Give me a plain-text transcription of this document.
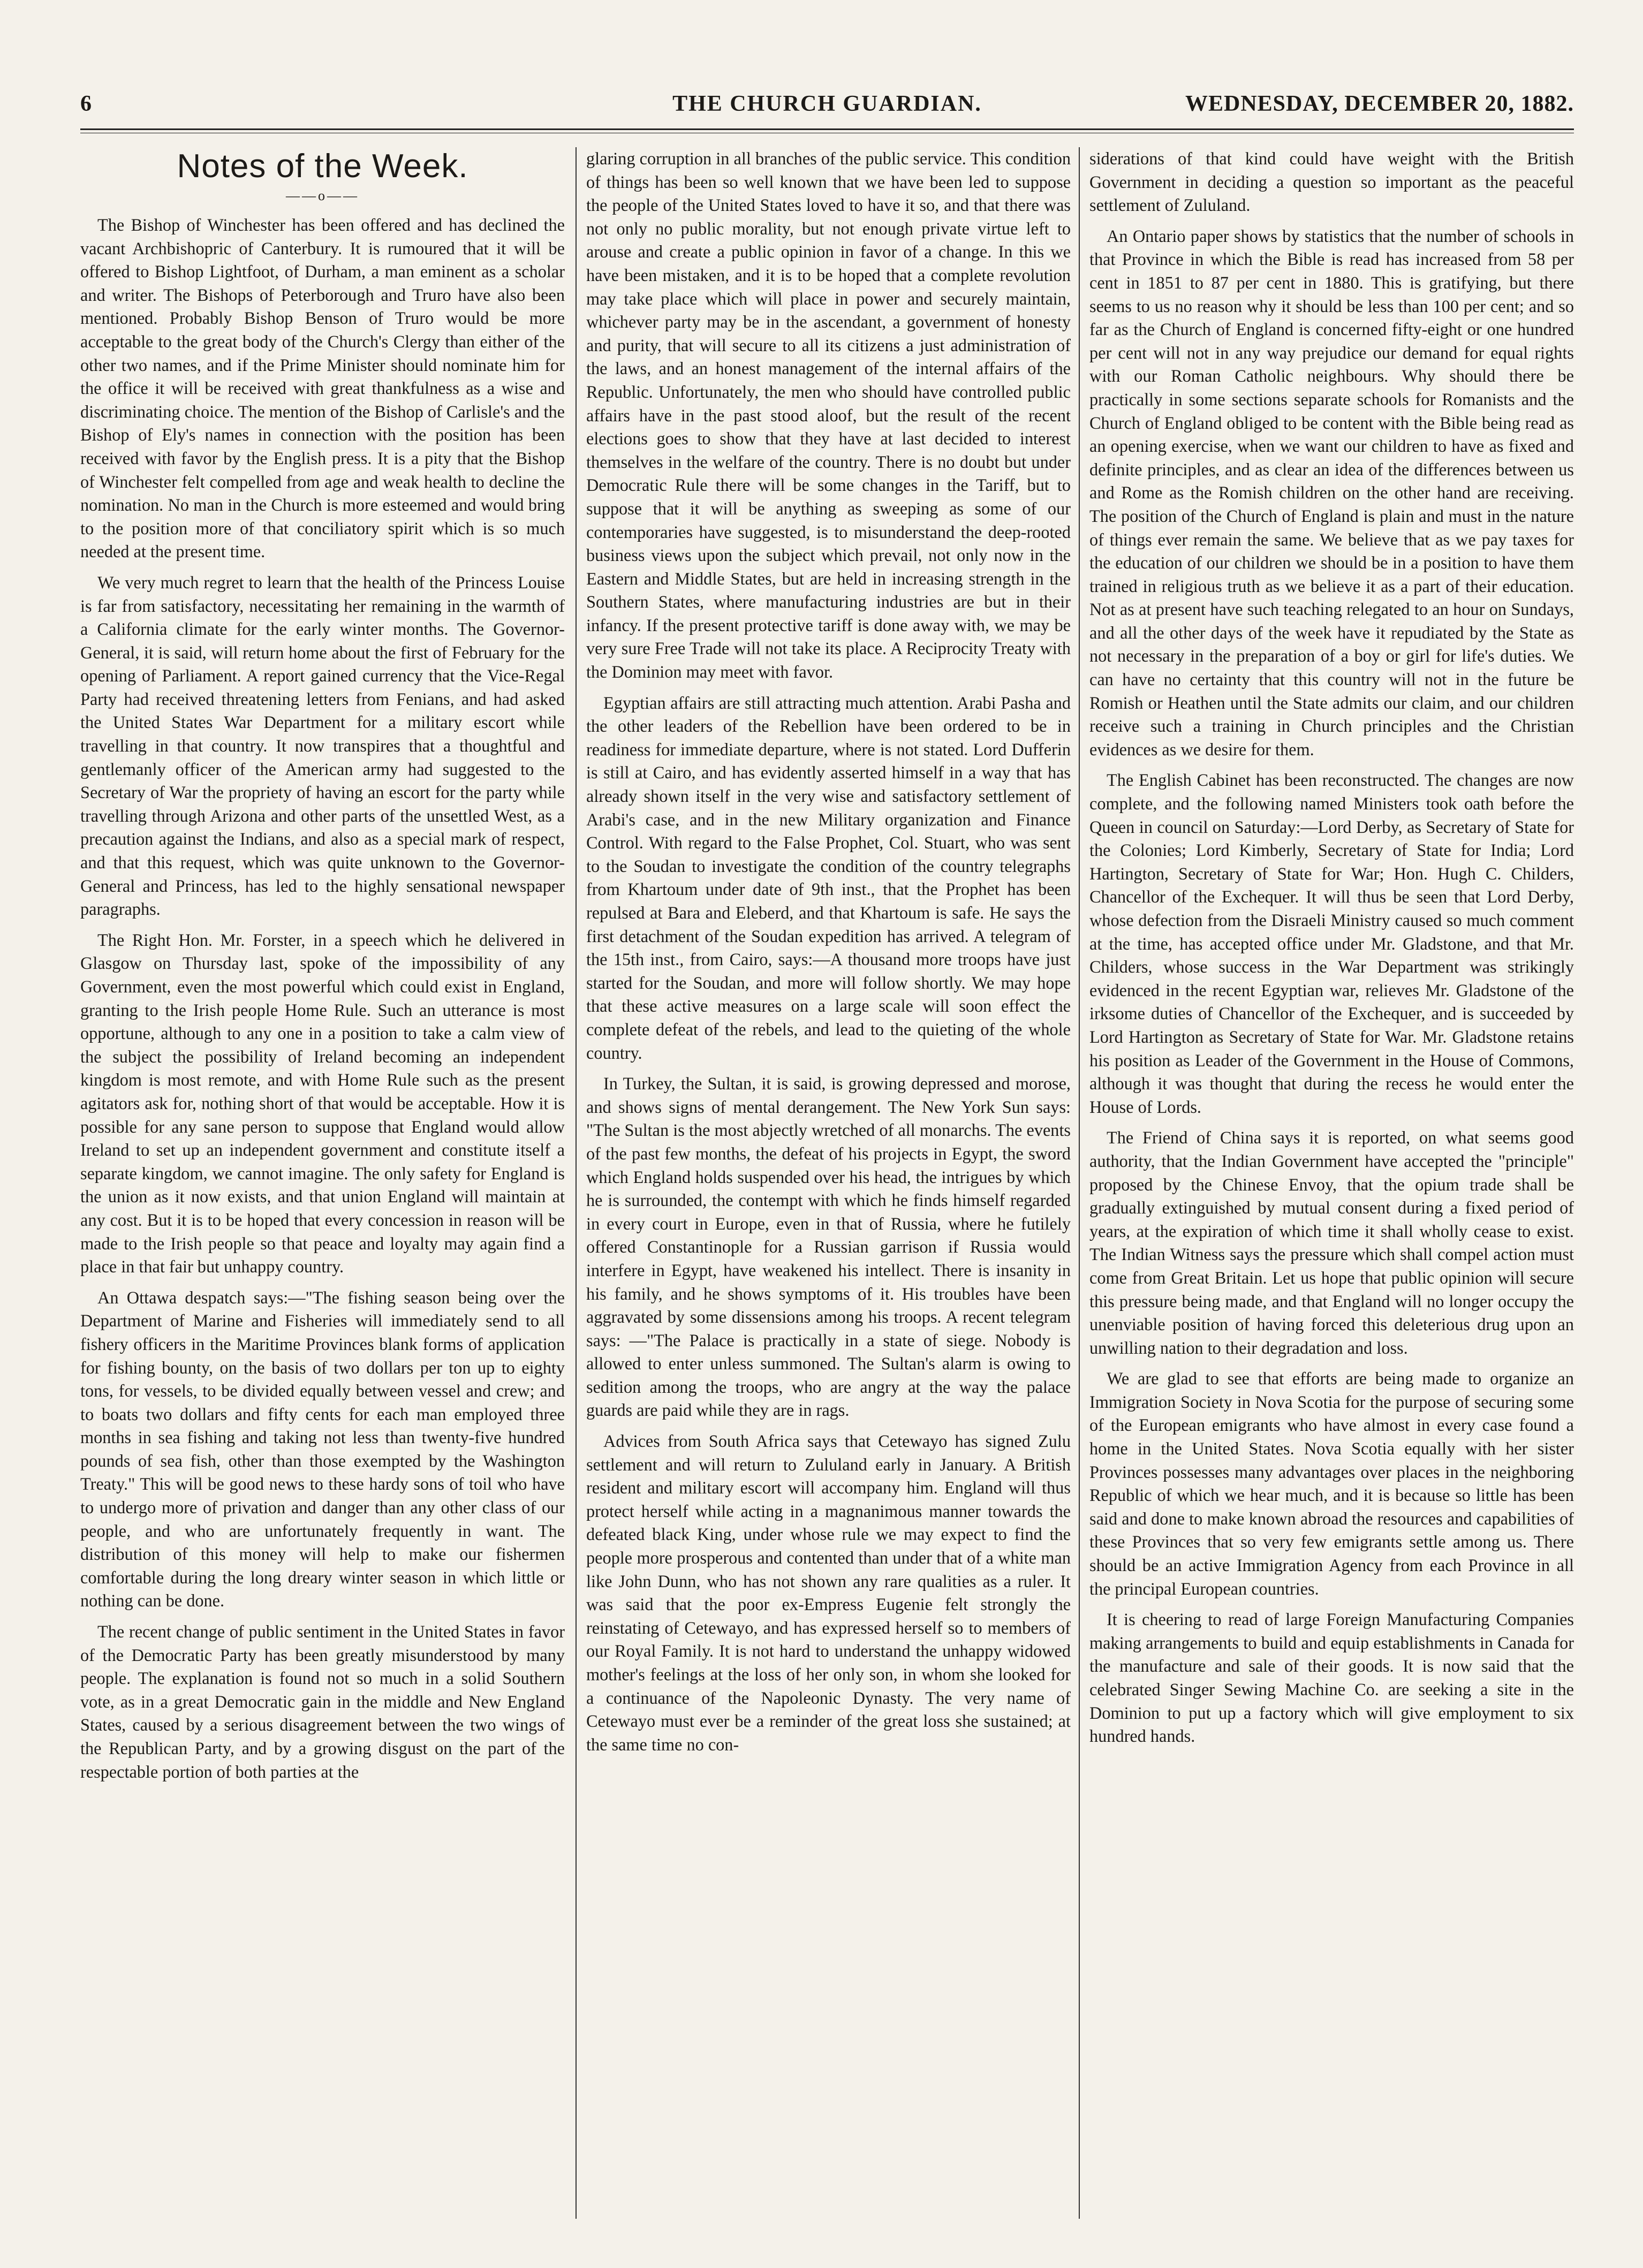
6	THE CHURCH GUARDIAN.	WEDNESDAY, DECEMBER 20, 1882.
Notes of the Week.
——o——

The Bishop of Winchester has been offered and has declined the vacant Archbishopric of Canterbury. It is rumoured that it will be offered to Bishop Lightfoot, of Durham, a man eminent as a scholar and writer. The Bishops of Peterborough and Truro have also been mentioned. Probably Bishop Benson of Truro would be more acceptable to the great body of the Church's Clergy than either of the other two names, and if the Prime Minister should nominate him for the office it will be received with great thankfulness as a wise and discriminating choice. The mention of the Bishop of Carlisle's and the Bishop of Ely's names in connection with the position has been received with favor by the English press. It is a pity that the Bishop of Winchester felt compelled from age and weak health to decline the nomination. No man in the Church is more esteemed and would bring to the position more of that conciliatory spirit which is so much needed at the present time.

We very much regret to learn that the health of the Princess Louise is far from satisfactory, necessitating her remaining in the warmth of a California climate for the early winter months. The Governor-General, it is said, will return home about the first of February for the opening of Parliament. A report gained currency that the Vice-Regal Party had received threatening letters from Fenians, and had asked the United States War Department for a military escort while travelling in that country. It now transpires that a thoughtful and gentlemanly officer of the American army had suggested to the Secretary of War the propriety of having an escort for the party while travelling through Arizona and other parts of the unsettled West, as a precaution against the Indians, and also as a special mark of respect, and that this request, which was quite unknown to the Governor-General and Princess, has led to the highly sensational newspaper paragraphs.

The Right Hon. Mr. Forster, in a speech which he delivered in Glasgow on Thursday last, spoke of the impossibility of any Government, even the most powerful which could exist in England, granting to the Irish people Home Rule. Such an utterance is most opportune, although to any one in a position to take a calm view of the subject the possibility of Ireland becoming an independent kingdom is most remote, and with Home Rule such as the present agitators ask for, nothing short of that would be acceptable. How it is possible for any sane person to suppose that England would allow Ireland to set up an independent government and constitute itself a separate kingdom, we cannot imagine. The only safety for England is the union as it now exists, and that union England will maintain at any cost. But it is to be hoped that every concession in reason will be made to the Irish people so that peace and loyalty may again find a place in that fair but unhappy country.

An Ottawa despatch says:—"The fishing season being over the Department of Marine and Fisheries will immediately send to all fishery officers in the Maritime Provinces blank forms of application for fishing bounty, on the basis of two dollars per ton up to eighty tons, for vessels, to be divided equally between vessel and crew; and to boats two dollars and fifty cents for each man employed three months in sea fishing and taking not less than twenty-five hundred pounds of sea fish, other than those exempted by the Washington Treaty." This will be good news to these hardy sons of toil who have to undergo more of privation and danger than any other class of our people, and who are unfortunately frequently in want. The distribution of this money will help to make our fishermen comfortable during the long dreary winter season in which little or nothing can be done.

The recent change of public sentiment in the United States in favor of the Democratic Party has been greatly misunderstood by many people. The explanation is found not so much in a solid Southern vote, as in a great Democratic gain in the middle and New England States, caused by a serious disagreement between the two wings of the Republican Party, and by a growing disgust on the part of the respectable portion of both parties at the

glaring corruption in all branches of the public service. This condition of things has been so well known that we have been led to suppose the people of the United States loved to have it so, and that there was not only no public morality, but not enough private virtue left to arouse and create a public opinion in favor of a change. In this we have been mistaken, and it is to be hoped that a complete revolution may take place which will place in power and securely maintain, whichever party may be in the ascendant, a government of honesty and purity, that will secure to all its citizens a just administration of the laws, and an honest management of the internal affairs of the Republic. Unfortunately, the men who should have controlled public affairs have in the past stood aloof, but the result of the recent elections goes to show that they have at last decided to interest themselves in the welfare of the country. There is no doubt but under Democratic Rule there will be some changes in the Tariff, but to suppose that it will be anything as sweeping as some of our contemporaries have suggested, is to misunderstand the deep-rooted business views upon the subject which prevail, not only now in the Eastern and Middle States, but are held in increasing strength in the Southern States, where manufacturing industries are but in their infancy. If the present protective tariff is done away with, we may be very sure Free Trade will not take its place. A Reciprocity Treaty with the Dominion may meet with favor.

Egyptian affairs are still attracting much attention. Arabi Pasha and the other leaders of the Rebellion have been ordered to be in readiness for immediate departure, where is not stated. Lord Dufferin is still at Cairo, and has evidently asserted himself in a way that has already shown itself in the very wise and satisfactory settlement of Arabi's case, and in the new Military organization and Finance Control. With regard to the False Prophet, Col. Stuart, who was sent to the Soudan to investigate the condition of the country telegraphs from Khartoum under date of 9th inst., that the Prophet has been repulsed at Bara and Eleberd, and that Khartoum is safe. He says the first detachment of the Soudan expedition has arrived. A telegram of the 15th inst., from Cairo, says:—A thousand more troops have just started for the Soudan, and more will follow shortly. We may hope that these active measures on a large scale will soon effect the complete defeat of the rebels, and lead to the quieting of the whole country.

In Turkey, the Sultan, it is said, is growing depressed and morose, and shows signs of mental derangement. The New York Sun says: "The Sultan is the most abjectly wretched of all monarchs. The events of the past few months, the defeat of his projects in Egypt, the sword which England holds suspended over his head, the intrigues by which he is surrounded, the contempt with which he finds himself regarded in every court in Europe, even in that of Russia, where he futilely offered Constantinople for a Russian garrison if Russia would interfere in Egypt, have weakened his intellect. There is insanity in his family, and he shows symptoms of it. His troubles have been aggravated by some dissensions among his troops. A recent telegram says: —"The Palace is practically in a state of siege. Nobody is allowed to enter unless summoned. The Sultan's alarm is owing to sedition among the troops, who are angry at the way the palace guards are paid while they are in rags.

Advices from South Africa says that Cetewayo has signed Zulu settlement and will return to Zululand early in January. A British resident and military escort will accompany him. England will thus protect herself while acting in a magnanimous manner towards the defeated black King, under whose rule we may expect to find the people more prosperous and contented than under that of a white man like John Dunn, who has not shown any rare qualities as a ruler. It was said that the poor ex-Empress Eugenie felt strongly the reinstating of Cetewayo, and has expressed herself so to members of our Royal Family. It is not hard to understand the unhappy widowed mother's feelings at the loss of her only son, in whom she looked for a continuance of the Napoleonic Dynasty. The very name of Cetewayo must ever be a reminder of the great loss she sustained; at the same time no con-

siderations of that kind could have weight with the British Government in deciding a question so important as the peaceful settlement of Zululand.

An Ontario paper shows by statistics that the number of schools in that Province in which the Bible is read has increased from 58 per cent in 1851 to 87 per cent in 1880. This is gratifying, but there seems to us no reason why it should be less than 100 per cent; and so far as the Church of England is concerned fifty-eight or one hundred per cent will not in any way prejudice our demand for equal rights with our Roman Catholic neighbours. Why should there be practically in some sections separate schools for Romanists and the Church of England obliged to be content with the Bible being read as an opening exercise, when we want our children to have as fixed and definite principles, and as clear an idea of the differences between us and Rome as the Romish children on the other hand are receiving. The position of the Church of England is plain and must in the nature of things ever remain the same. We believe that as we pay taxes for the education of our children we should be in a position to have them trained in religious truth as we believe it as a part of their education. Not as at present have such teaching relegated to an hour on Sundays, and all the other days of the week have it repudiated by the State as not necessary in the preparation of a boy or girl for life's duties. We can have no certainty that this country will not in the future be Romish or Heathen until the State admits our claim, and our children receive such a training in Church principles and the Christian evidences as we desire for them.

The English Cabinet has been reconstructed. The changes are now complete, and the following named Ministers took oath before the Queen in council on Saturday:—Lord Derby, as Secretary of State for the Colonies; Lord Kimberly, Secretary of State for India; Lord Hartington, Secretary of State for War; Hon. Hugh C. Childers, Chancellor of the Exchequer. It will thus be seen that Lord Derby, whose defection from the Disraeli Ministry caused so much comment at the time, has accepted office under Mr. Gladstone, and that Mr. Childers, whose success in the War Department was strikingly evidenced in the recent Egyptian war, relieves Mr. Gladstone of the irksome duties of Chancellor of the Exchequer, and is succeeded by Lord Hartington as Secretary of State for War. Mr. Gladstone retains his position as Leader of the Government in the House of Commons, although it was thought that during the recess he would enter the House of Lords.

The Friend of China says it is reported, on what seems good authority, that the Indian Government have accepted the "principle" proposed by the Chinese Envoy, that the opium trade shall be gradually extinguished by mutual consent during a fixed period of years, at the expiration of which time it shall wholly cease to exist. The Indian Witness says the pressure which shall compel action must come from Great Britain. Let us hope that public opinion will secure this pressure being made, and that England will no longer occupy the unenviable position of having forced this deleterious drug upon an unwilling nation to their degradation and loss.

We are glad to see that efforts are being made to organize an Immigration Society in Nova Scotia for the purpose of securing some of the European emigrants who have almost in every case found a home in the United States. Nova Scotia equally with her sister Provinces possesses many advantages over places in the neighboring Republic of which we hear much, and it is because so little has been said and done to make known abroad the resources and capabilities of these Provinces that so very few emigrants settle among us. There should be an active Immigration Agency from each Province in all the principal European countries.

It is cheering to read of large Foreign Manufacturing Companies making arrangements to build and equip establishments in Canada for the manufacture and sale of their goods. It is now said that the celebrated Singer Sewing Machine Co. are seeking a site in the Dominion to put up a factory which will give employment to six hundred hands.
